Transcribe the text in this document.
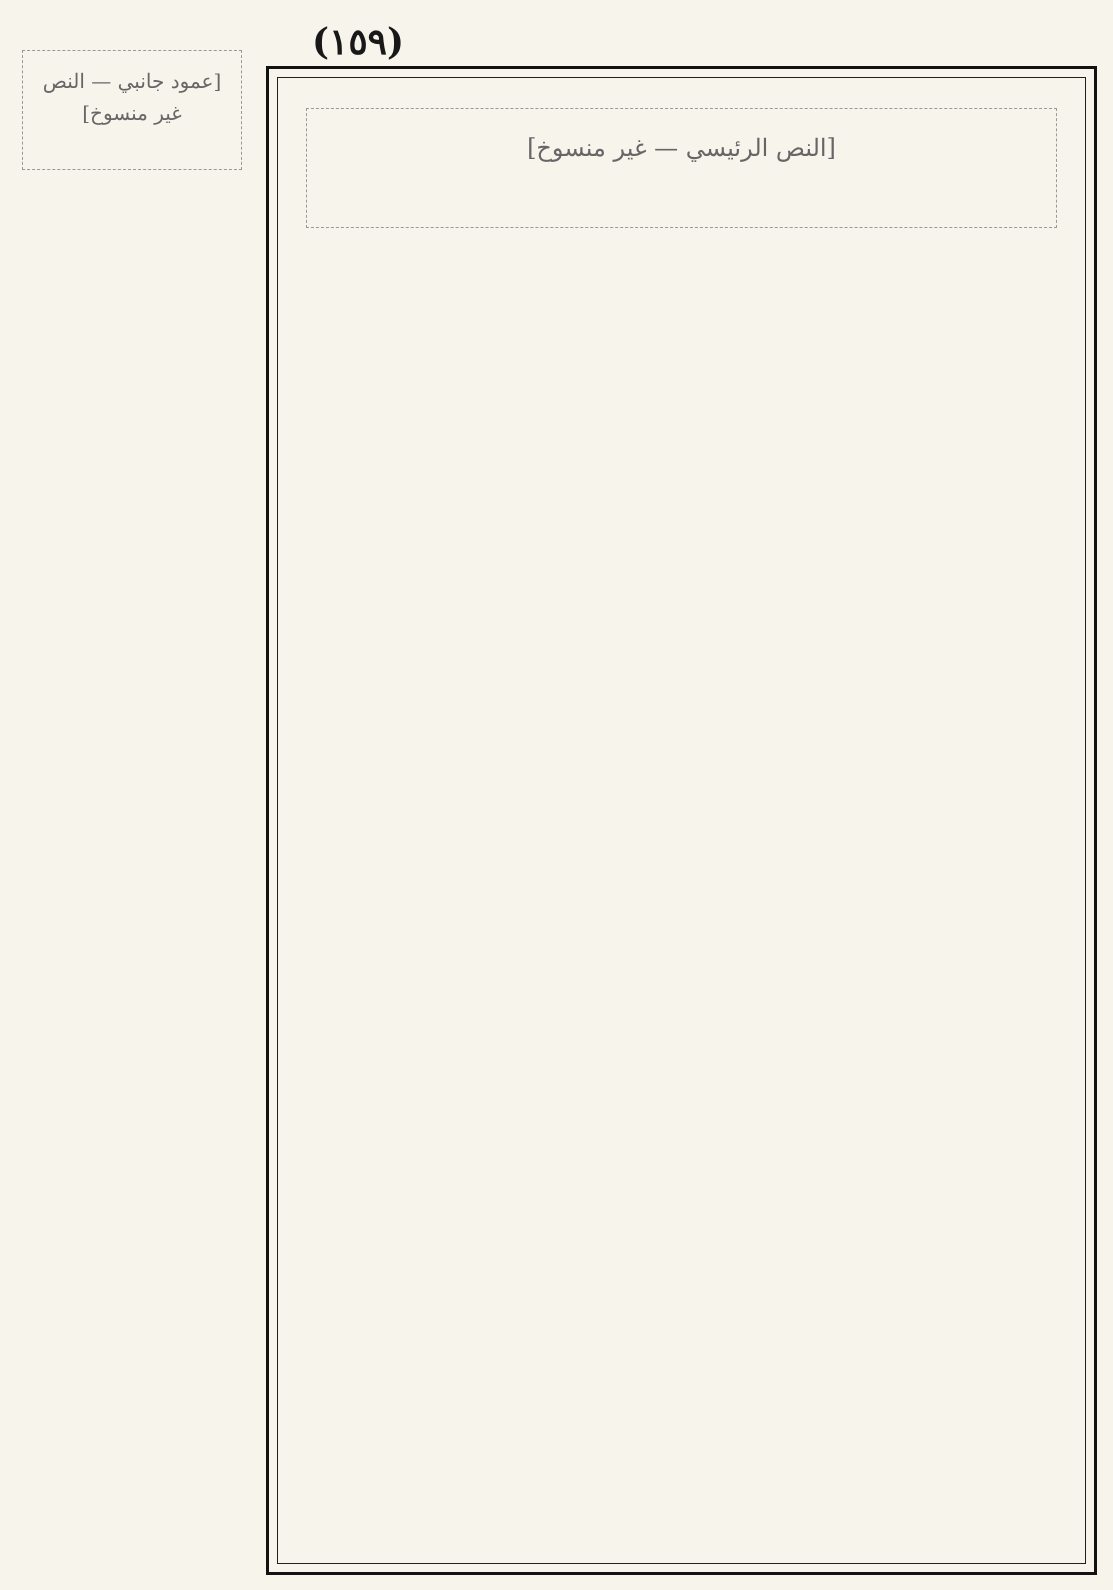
(١٥٩)
[عمود جانبي — النص غير منسوخ]
[النص الرئيسي — غير منسوخ]
